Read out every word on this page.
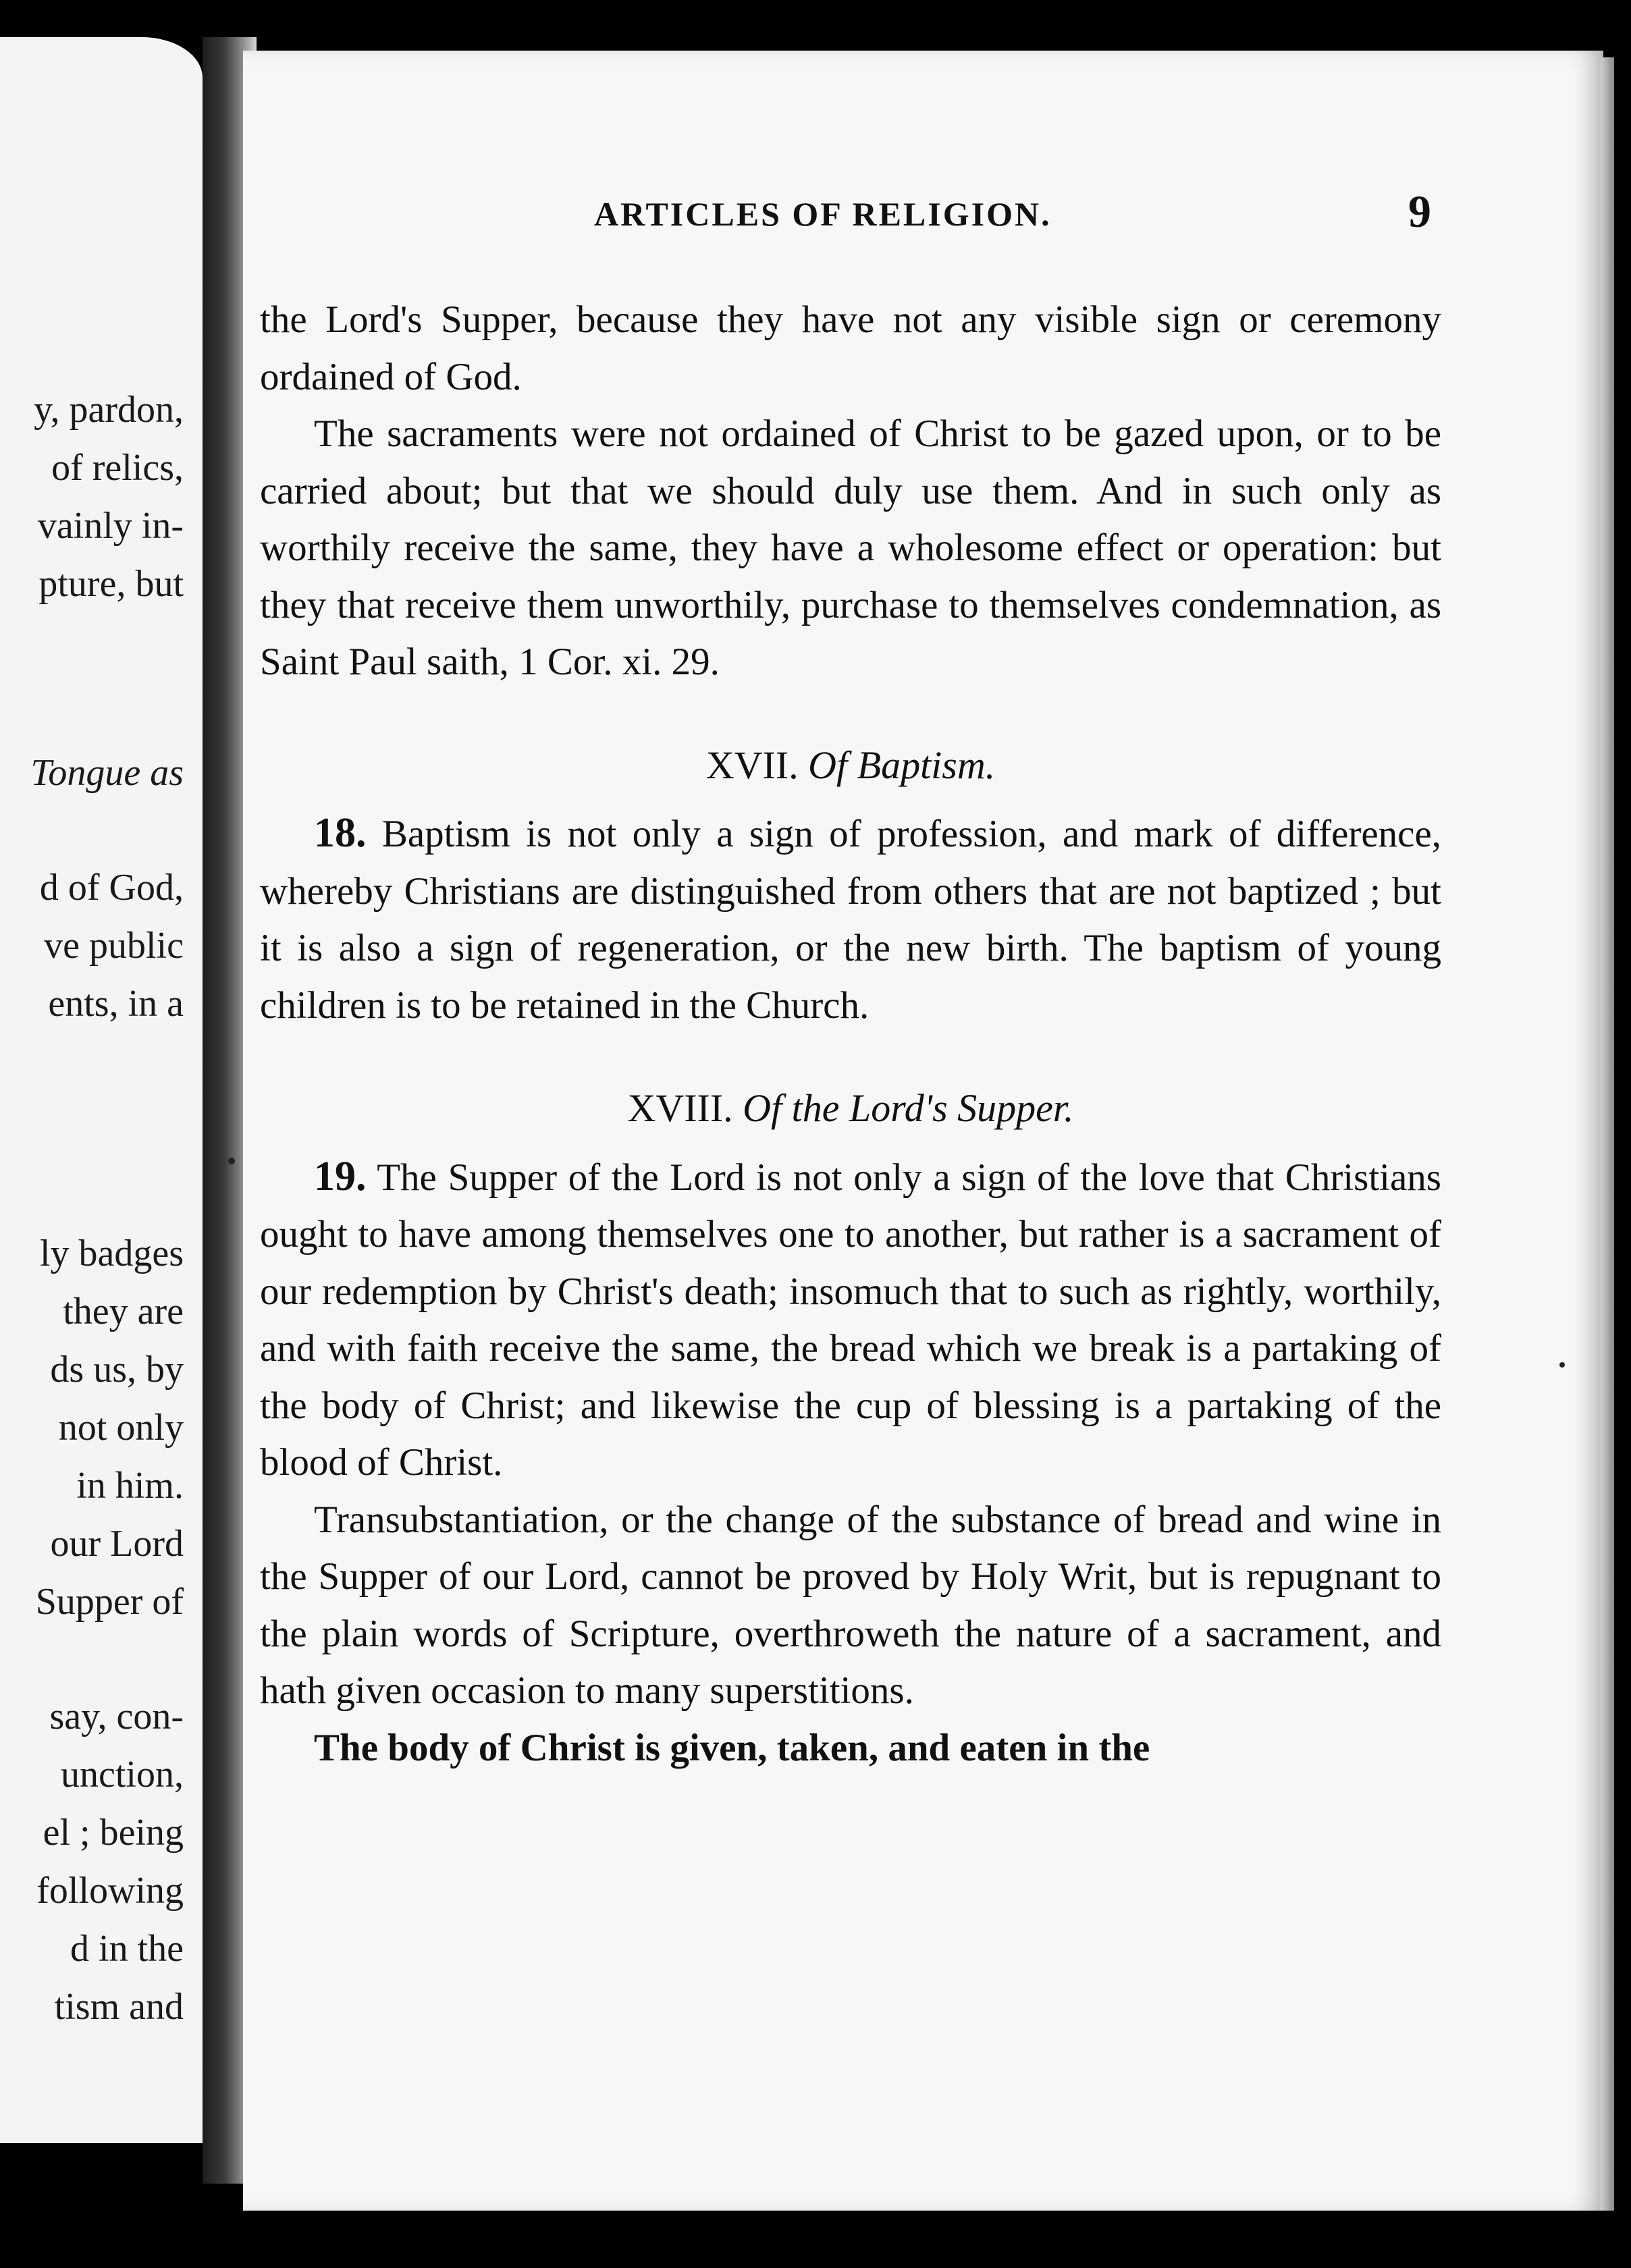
y, pardon,
of relics,
vainly in-
pture, but
Tongue as
d of God,
ve public
ents, in a
ly badges
they are
ds us, by
not only
in him.
our Lord
Supper of
say, con-
unction,
el ; being
following
d in the
tism and
ARTICLES OF RELIGION.	9

the Lord's Supper, because they have not any visible sign or ceremony ordained of God.

The sacraments were not ordained of Christ to be gazed upon, or to be carried about; but that we should duly use them. And in such only as worthily receive the same, they have a wholesome effect or operation: but they that receive them unworthily, purchase to themselves condemnation, as Saint Paul saith, 1 Cor. xi. 29.

XVII. Of Baptism.

18. Baptism is not only a sign of profession, and mark of difference, whereby Christians are distinguished from others that are not baptized ; but it is also a sign of regeneration, or the new birth. The baptism of young children is to be retained in the Church.

XVIII. Of the Lord's Supper.

19. The Supper of the Lord is not only a sign of the love that Christians ought to have among themselves one to another, but rather is a sacrament of our redemption by Christ's death; insomuch that to such as rightly, worthily, and with faith receive the same, the bread which we break is a partaking of the body of Christ; and likewise the cup of blessing is a partaking of the blood of Christ.

Transubstantiation, or the change of the substance of bread and wine in the Supper of our Lord, cannot be proved by Holy Writ, but is repugnant to the plain words of Scripture, overthroweth the nature of a sacrament, and hath given occasion to many superstitions.

The body of Christ is given, taken, and eaten in the
